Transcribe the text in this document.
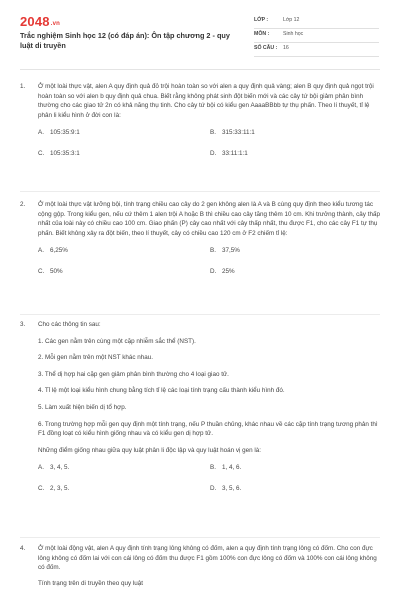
2048.vn
Trắc nghiệm Sinh học 12 (có đáp án): Ôn tập chương 2 - quy luật di truyền
LỚP :	Lớp 12
MÔN :	Sinh học
SỐ CÂU : 16
1.	Ở một loài thực vật, alen A quy định quả đỏ trội hoàn toàn so với alen a quy định quả vàng; alen B quy định quả ngọt trội hoàn toàn so với alen b quy định quả chua. Biết rằng không phát sinh đột biến mới và các cây tứ bội giảm phân bình thường cho các giao tử 2n có khả năng thụ tinh. Cho cây tứ bội có kiểu gen AaaaBBbb tự thụ phấn. Theo lí thuyết, tỉ lệ phân li kiểu hình ở đời con là:

A. 105:35:9:1	B. 315:33:11:1
C. 105:35:3:1	D. 33:11:1:1
2.	Ở một loài thực vật lưỡng bội, tính trạng chiều cao cây do 2 gen không alen là A và B cùng quy định theo kiểu tương tác cộng gộp. Trong kiểu gen, nếu cứ thêm 1 alen trội A hoặc B thì chiều cao cây tăng thêm 10 cm. Khi trưởng thành, cây thấp nhất của loài này có chiều cao 100 cm. Giao phấn (P) cây cao nhất với cây thấp nhất, thu được F1, cho các cây F1 tự thụ phấn. Biết không xảy ra đột biến, theo lí thuyết, cây có chiều cao 120 cm ở F2 chiếm tỉ lệ:

A. 6,25%	B. 37,5%
C. 50%	D. 25%
3.	Cho các thông tin sau:

1. Các gen nằm trên cùng một cặp nhiễm sắc thể (NST).

2. Mỗi gen nằm trên một NST khác nhau.

3. Thể dị hợp hai cặp gen giảm phân bình thường cho 4 loại giao tử.

4. Tỉ lệ một loại kiểu hình chung bằng tích tỉ lệ các loại tính trạng cấu thành kiểu hình đó.

5. Làm xuất hiện biến dị tổ hợp.

6. Trong trường hợp mỗi gen quy định một tính trạng, nếu P thuần chủng, khác nhau về các cặp tính trạng tương phản thì F1 đồng loạt có kiểu hình giống nhau và có kiểu gen dị hợp tử.

Những điểm giống nhau giữa quy luật phân li độc lập và quy luật hoán vị gen là:

A. 3, 4, 5.	B. 1, 4, 6.
C. 2, 3, 5.	D. 3, 5, 6.
4.	Ở một loài động vật, alen A quy định tính trạng lông không có đốm, alen a quy định tính trạng lông có đốm. Cho con đực lông không có đốm lai với con cái lông có đốm thu được F1 gồm 100% con đực lông có đốm và 100% con cái lông không có đốm.

Tính trạng trên di truyền theo quy luật
